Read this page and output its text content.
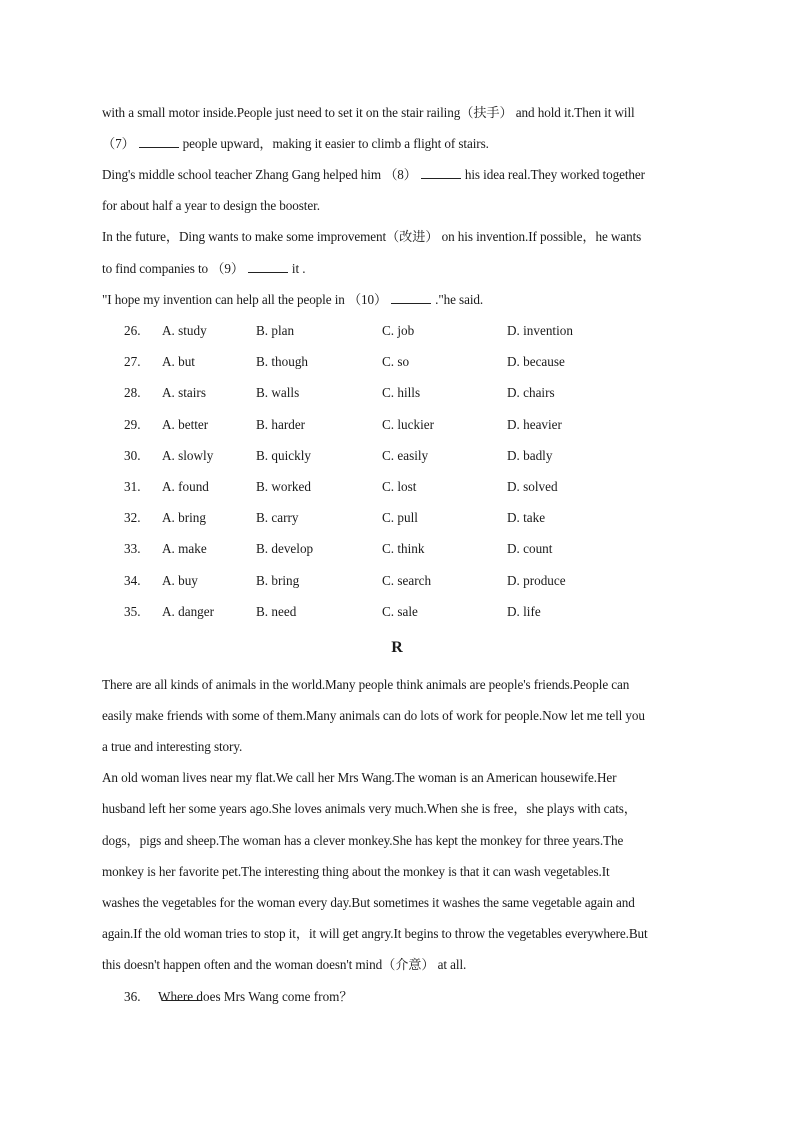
with a small motor inside.People just need to set it on the stair railing（扶手） and hold it.Then it will
（7）	people upward，making it easier to climb a flight of stairs.
Ding's middle school teacher Zhang Gang helped him （8）	his idea real.They worked together
for about half a year to design the booster.
In the future，Ding wants to make some improvement（改进） on his invention.If possible，he wants
to find companies to （9）	it .
"I hope my invention can help all the people in （10）	."he said.
26. A. study	B. plan	C. job	D. invention
27. A. but	B. though	C. so	D. because
28. A. stairs	B. walls	C. hills	D. chairs
29. A. better	B. harder	C. luckier	D. heavier
30. A. slowly	B. quickly	C. easily	D. badly
31. A. found	B. worked	C. lost	D. solved
32. A. bring	B. carry	C. pull	D. take
33. A. make	B. develop	C. think	D. count
34. A. buy	B. bring	C. search	D. produce
35. A. danger	B. need	C. sale	D. life
R
There are all kinds of animals in the world.Many people think animals are people's friends.People can
easily make friends with some of them.Many animals can do lots of work for people.Now let me tell you
a true and interesting story.
An old woman lives near my flat.We call her Mrs Wang.The woman is an American housewife.Her
husband left her some years ago.She loves animals very much.When she is free，she plays with cats，
dogs，pigs and sheep.The woman has a clever monkey.She has kept the monkey for three years.The
monkey is her favorite pet.The interesting thing about the monkey is that it can wash vegetables.It
washes the vegetables for the woman every day.But sometimes it washes the same vegetable again and
again.If the old woman tries to stop it，it will get angry.It begins to throw the vegetables everywhere.But
this doesn't happen often and the woman doesn't mind（介意） at all.
36. Where does Mrs Wang come from？
